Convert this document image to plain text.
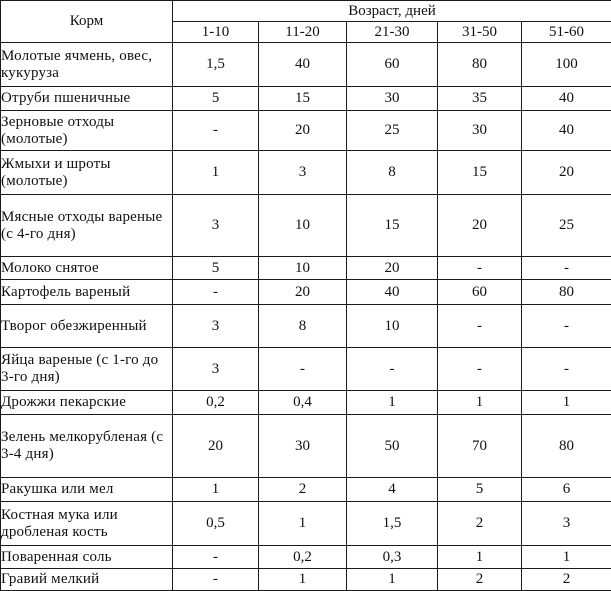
Корм	Возраст, дней				
	1-10	11-20	21-30	31-50	51-60
Молотые ячмень, овес, кукуруза	1,5	40	60	80	100
Отруби пшеничные	5	15	30	35	40
Зерновые отходы (молотые)	-	20	25	30	40
Жмыхи и шроты (молотые)	1	3	8	15	20
Мясные отходы вареные (с 4-го дня)	3	10	15	20	25
Молоко снятое	5	10	20	-	-
Картофель вареный	-	20	40	60	80
Творог обезжиренный	3	8	10	-	-
Яйца вареные (с 1-го до 3-го дня)	3	-	-	-	-
Дрожжи пекарские	0,2	0,4	1	1	1
Зелень мелкорубленая (с 3-4 дня)	20	30	50	70	80
Ракушка или мел	1	2	4	5	6
Костная мука или дробленая кость	0,5	1	1,5	2	3
Поваренная соль	-	0,2	0,3	1	1
Гравий мелкий	-	1	1	2	2
